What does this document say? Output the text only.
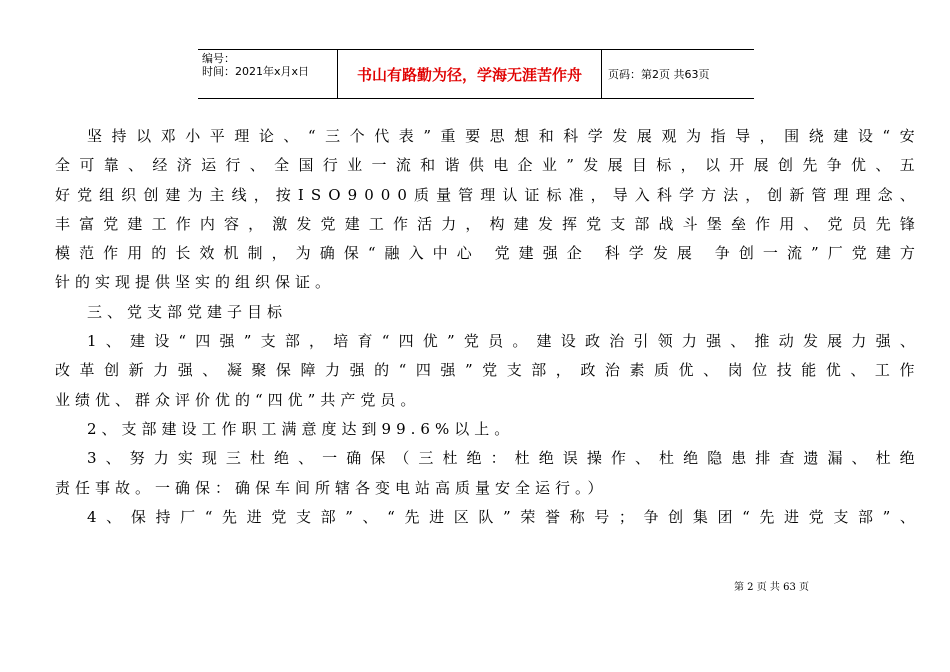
编号：
时间：2021年x月x日	书山有路勤为径，学海无涯苦作舟	页码：第2页 共63页
坚 持 以 邓 小 平 理 论 、 “ 三 个 代 表 ” 重 要 思 想 和 科 学 发 展 观 为 指 导 ， 围 绕 建 设 “ 安
全 可 靠 、 经 济 运 行 、 全 国 行 业 一 流 和 谐 供 电 企 业 ” 发 展 目 标 ， 以 开 展 创 先 争 优 、 五
好 党 组 织 创 建 为 主 线 ， 按 I S O 9 0 0 0 质 量 管 理 认 证 标 准 ， 导 入 科 学 方 法 ， 创 新 管 理 理 念 、
丰 富 党 建 工 作 内 容 ， 激 发 党 建 工 作 活 力 ， 构 建 发 挥 党 支 部 战 斗 堡 垒 作 用 、 党 员 先 锋
模 范 作 用 的 长 效 机 制 ， 为 确 保 “ 融 入 中 心
党 建 强 企
科 学 发 展
争 创 一 流 ” 厂 党 建 方
针的实现提供坚实的组织保证。
三、党支部党建子目标
1 、 建 设 “ 四 强 ” 支 部 ， 培 育 “ 四 优 ” 党 员 。 建 设 政 治 引 领 力 强 、 推 动 发 展 力 强 、
改 革 创 新 力 强 、 凝 聚 保 障 力 强 的 “ 四 强 ” 党 支 部 ， 政 治 素 质 优 、 岗 位 技 能 优 、 工 作
业绩优、群众评价优的“四优”共产党员。
2、支部建设工作职工满意度达到99.6%以上。
3 、 努 力 实 现 三 杜 绝 、 一 确 保 （ 三 杜 绝 ： 杜 绝 误 操 作 、 杜 绝 隐 患 排 查 遗 漏 、 杜 绝
责任事故。一确保：确保车间所辖各变电站高质量安全运行。）
4 、 保 持 厂 “ 先 进 党 支 部 ” 、 “ 先 进 区 队 ” 荣 誉 称 号 ； 争 创 集 团 “ 先 进 党 支 部 ” 、
第 2 页 共 63 页
